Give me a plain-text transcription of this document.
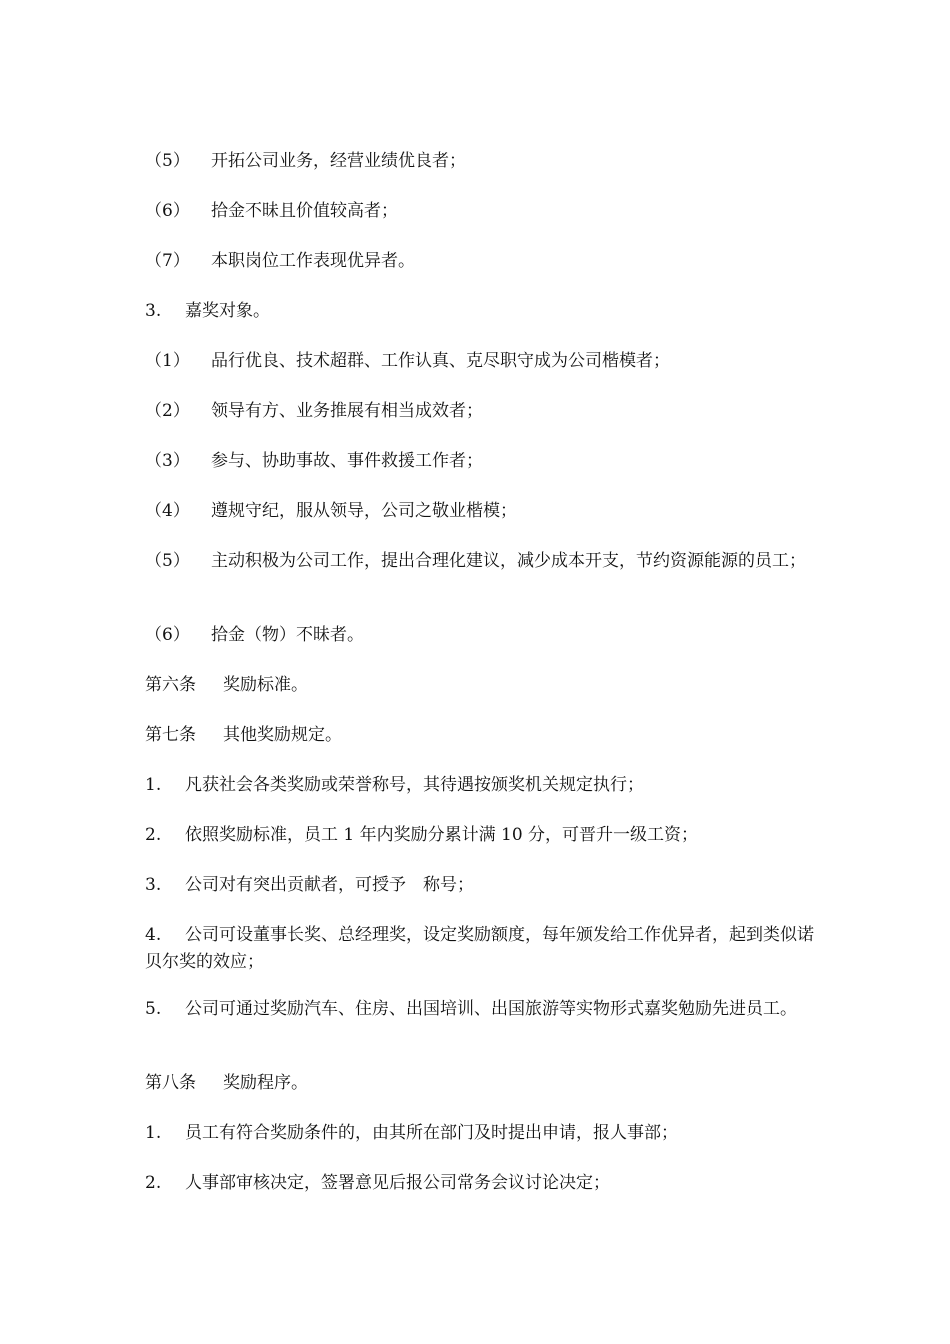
（5） 开拓公司业务，经营业绩优良者；

（6） 拾金不昧且价值较高者；

（7） 本职岗位工作表现优异者。

3. 嘉奖对象。

（1） 品行优良、技术超群、工作认真、克尽职守成为公司楷模者；

（2） 领导有方、业务推展有相当成效者；

（3） 参与、协助事故、事件救援工作者；

（4） 遵规守纪，服从领导，公司之敬业楷模；

（5） 主动积极为公司工作，提出合理化建议，减少成本开支，节约资源能源的员工；

（6） 拾金（物）不昧者。

第六条 奖励标准。

第七条 其他奖励规定。

1. 凡获社会各类奖励或荣誉称号，其待遇按颁奖机关规定执行；

2. 依照奖励标准，员工 1 年内奖励分累计满 10 分，可晋升一级工资；

3. 公司对有突出贡献者，可授予　称号；

4. 公司可设董事长奖、总经理奖，设定奖励额度，每年颁发给工作优异者，起到类似诺贝尔奖的效应；

5. 公司可通过奖励汽车、住房、出国培训、出国旅游等实物形式嘉奖勉励先进员工。

第八条 奖励程序。

1. 员工有符合奖励条件的，由其所在部门及时提出申请，报人事部；

2. 人事部审核决定，签署意见后报公司常务会议讨论决定；
